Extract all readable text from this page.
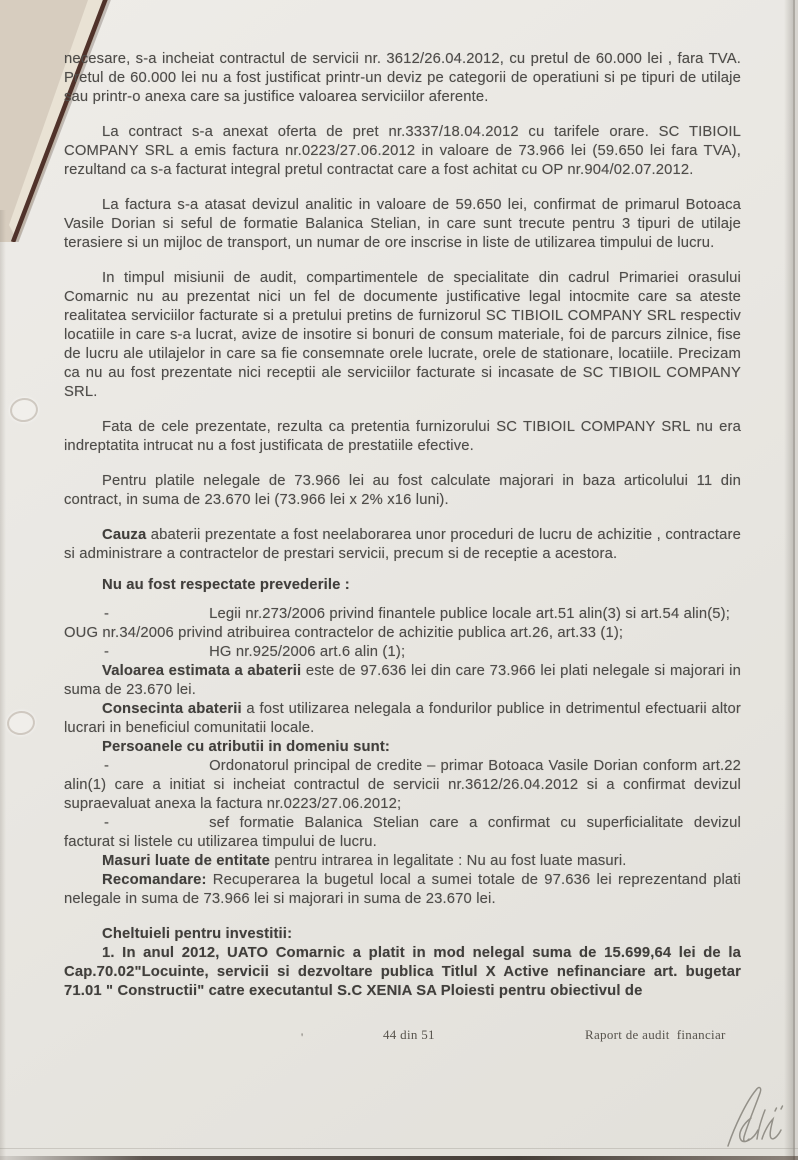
necesare, s-a incheiat contractul de servicii nr. 3612/26.04.2012, cu pretul de 60.000 lei , fara TVA. Pretul de 60.000 lei nu a fost justificat printr-un deviz pe categorii de operatiuni si pe tipuri de utilaje sau printr-o anexa care sa justifice valoarea serviciilor aferente.

La contract s-a anexat oferta de pret nr.3337/18.04.2012 cu tarifele orare. SC TIBIOIL COMPANY SRL a emis factura nr.0223/27.06.2012 in valoare de 73.966 lei (59.650 lei fara TVA), rezultand ca s-a facturat integral pretul contractat care a fost achitat cu OP nr.904/02.07.2012.

La factura s-a atasat devizul analitic in valoare de 59.650 lei, confirmat de primarul Botoaca Vasile Dorian si seful de formatie Balanica Stelian, in care sunt trecute pentru 3 tipuri de utilaje terasiere si un mijloc de transport, un numar de ore inscrise in liste de utilizarea timpului de lucru.

In timpul misiunii de audit, compartimentele de specialitate din cadrul Primariei orasului Comarnic nu au prezentat nici un fel de documente justificative legal intocmite care sa ateste realitatea serviciilor facturate si a pretului pretins de furnizorul SC TIBIOIL COMPANY SRL respectiv locatiile in care s-a lucrat, avize de insotire si bonuri de consum materiale, foi de parcurs zilnice, fise de lucru ale utilajelor in care sa fie consemnate orele lucrate, orele de stationare, locatiile. Precizam ca nu au fost prezentate nici receptii ale serviciilor facturate si incasate de SC TIBIOIL COMPANY SRL.

Fata de cele prezentate, rezulta ca pretentia furnizorului SC TIBIOIL COMPANY SRL nu era indreptatita intrucat nu a fost justificata de prestatiile efective.

Pentru platile nelegale de 73.966 lei au fost calculate majorari in baza articolului 11 din contract, in suma de 23.670 lei (73.966 lei x 2% x16 luni).

Cauza abaterii prezentate a fost neelaborarea unor proceduri de lucru de achizitie , contractare si administrare a contractelor de prestari servicii, precum si de receptie a acestora.

Nu au fost respectate prevederile :

-	Legii nr.273/2006 privind finantele publice locale art.51 alin(3) si art.54 alin(5);

OUG nr.34/2006 privind atribuirea contractelor de achizitie publica art.26, art.33 (1);

-	HG nr.925/2006 art.6 alin (1);

Valoarea estimata a abaterii este de 97.636 lei din care 73.966 lei plati nelegale si majorari in suma de 23.670 lei.

Consecinta abaterii a fost utilizarea nelegala a fondurilor publice in detrimentul efectuarii altor lucrari in beneficiul comunitatii locale.

Persoanele cu atributii in domeniu sunt:

-	Ordonatorul principal de credite – primar Botoaca Vasile Dorian conform art.22 alin(1) care a initiat si incheiat contractul de servicii nr.3612/26.04.2012 si a confirmat devizul supraevaluat anexa la factura nr.0223/27.06.2012;

-	sef formatie Balanica Stelian care a confirmat cu superficialitate devizul facturat si listele cu utilizarea timpului de lucru.

Masuri luate de entitate pentru intrarea in legalitate : Nu au fost luate masuri.

Recomandare: Recuperarea la bugetul local a sumei totale de 97.636 lei reprezentand plati nelegale in suma de 73.966 lei si majorari in suma de 23.670 lei.

Cheltuieli pentru investitii:

1. In anul 2012, UATO Comarnic a platit in mod nelegal suma de 15.699,64 lei de la Cap.70.02"Locuinte, servicii si dezvoltare publica Titlul X Active nefinanciare art. bugetar 71.01 " Constructii" catre executantul S.C XENIA SA Ploiesti pentru obiectivul de

'	44 din 51	Raport de audit  financiar
